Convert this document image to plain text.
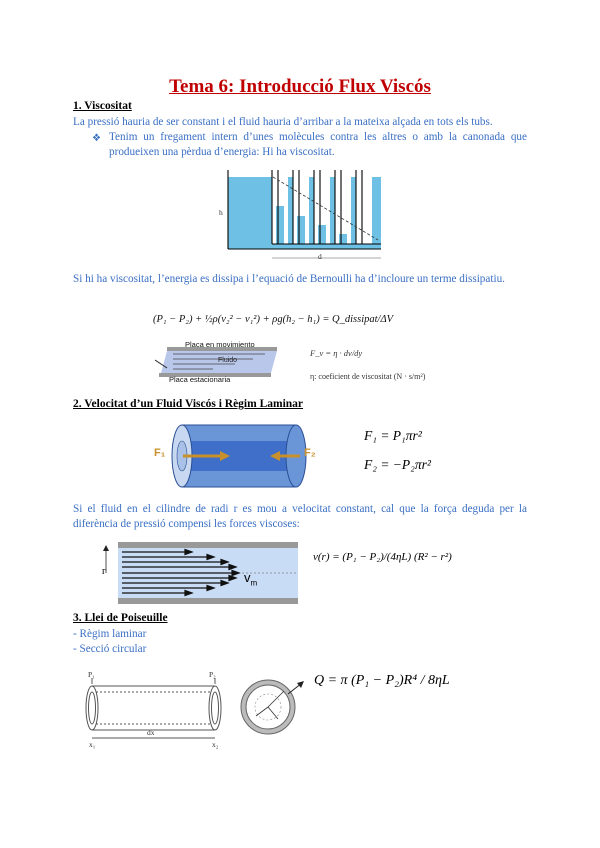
Tema 6: Introducció Flux Viscós
1. Viscositat
La pressió hauria de ser constant i el fluid hauria d’arribar a la mateixa alçada en tots els tubs.
❖ Tenim un fregament intern d’unes molècules contra les altres o amb la canonada que produeixen una pèrdua d’energia: Hi ha viscositat.
h
d
Si hi ha viscositat, l’energia es dissipa i l’equació de Bernoulli ha d’incloure un terme dissipatiu.
(P₁ − P₂) + ½ρ(v₂² − v₁²) + ρg(h₂ − h₁) = Q_dissipat/ΔV
Placa en movimiento
Fluido
Placa estacionaria
F_v = η · dv/dy
η: coeficient de viscositat (N · s/m²)
2. Velocitat d’un Fluid Viscós i Règim Laminar
F₁	F₂
F₁ = P₁πr²
F₂ = −P₂πr²
Si el fluid en el cilindre de radi r es mou a velocitat constant, cal que la força deguda per la diferència de pressió compensi les forces viscoses:
r	$v_m$
v(r) = (P₁ − P₂)/(4ηL) (R² − r²)
3. Llei de Poiseuille
- Règim laminar
- Secció circular
P₁	P₂
x₁
dx
x₂
Q = π (P₁ − P₂)R⁴ / 8ηL
